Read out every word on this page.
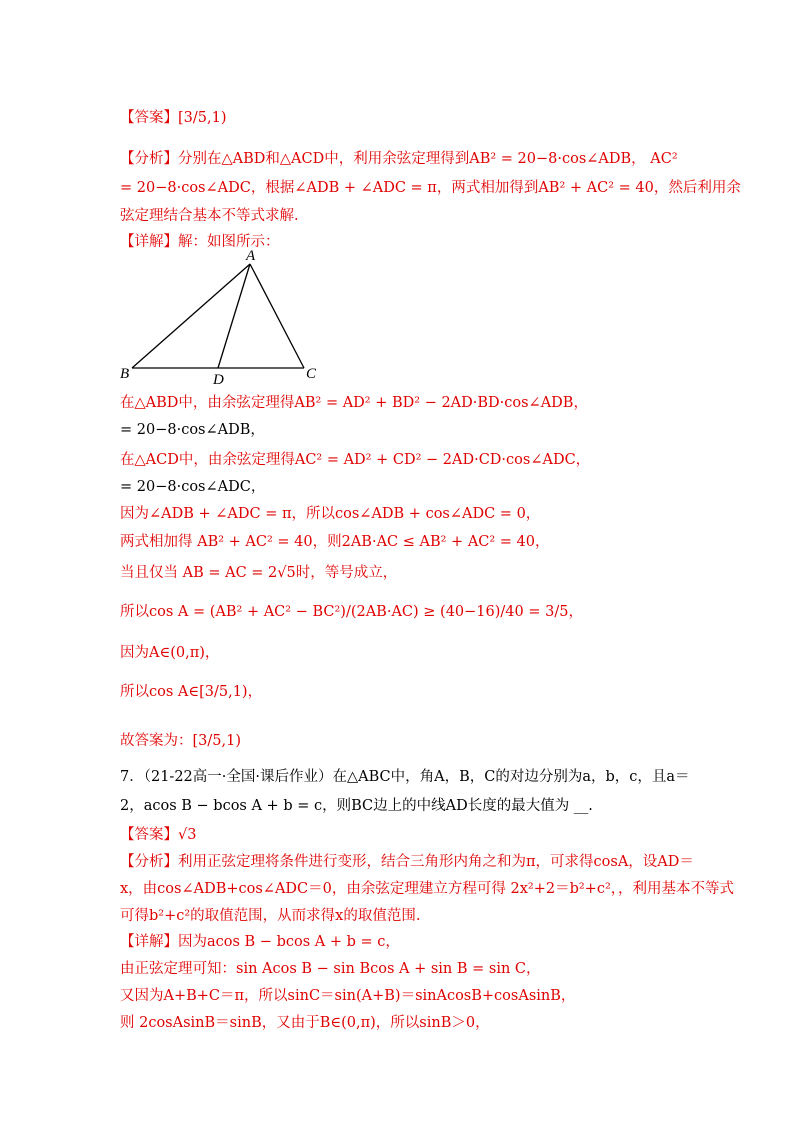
【答案】[3/5,1)
【分析】分别在△ABD和△ACD中，利用余弦定理得到AB² = 20−8·cos∠ADB， AC²
= 20−8·cos∠ADC，根据∠ADB + ∠ADC = π，两式相加得到AB² + AC² = 40，然后利用余
弦定理结合基本不等式求解.
【详解】解：如图所示：
A
B	C
D
在△ABD中，由余弦定理得AB² = AD² + BD² − 2AD·BD·cos∠ADB，
= 20−8·cos∠ADB，
在△ACD中，由余弦定理得AC² = AD² + CD² − 2AD·CD·cos∠ADC，
= 20−8·cos∠ADC，
因为∠ADB + ∠ADC = π，所以cos∠ADB + cos∠ADC = 0，
两式相加得 AB² + AC² = 40，则2AB·AC ≤ AB² + AC² = 40，
当且仅当 AB = AC = 2√5时，等号成立，
所以cos A = (AB² + AC² − BC²)/(2AB·AC) ≥ (40−16)/40 = 3/5，
因为A∈(0,π)，
所以cos A∈[3/5,1)，
故答案为：[3/5,1)
7．（21-22高一·全国·课后作业）在△ABC中，角A，B，C的对边分别为a，b，c，且a＝
2，acos B − bcos A + b = c，则BC边上的中线AD长度的最大值为 __.
【答案】√3
【分析】利用正弦定理将条件进行变形，结合三角形内角之和为π，可求得cosA，设AD＝
x，由cos∠ADB+cos∠ADC＝0，由余弦定理建立方程可得 2x²+2＝b²+c²，，利用基本不等式
可得b²+c²的取值范围，从而求得x的取值范围.
【详解】因为acos B − bcos A + b = c，
由正弦定理可知：sin Acos B − sin Bcos A + sin B = sin C，
又因为A+B+C＝π，所以sinC＝sin(A+B)＝sinAcosB+cosAsinB，
则 2cosAsinB＝sinB，又由于B∈(0,π)，所以sinB＞0，
